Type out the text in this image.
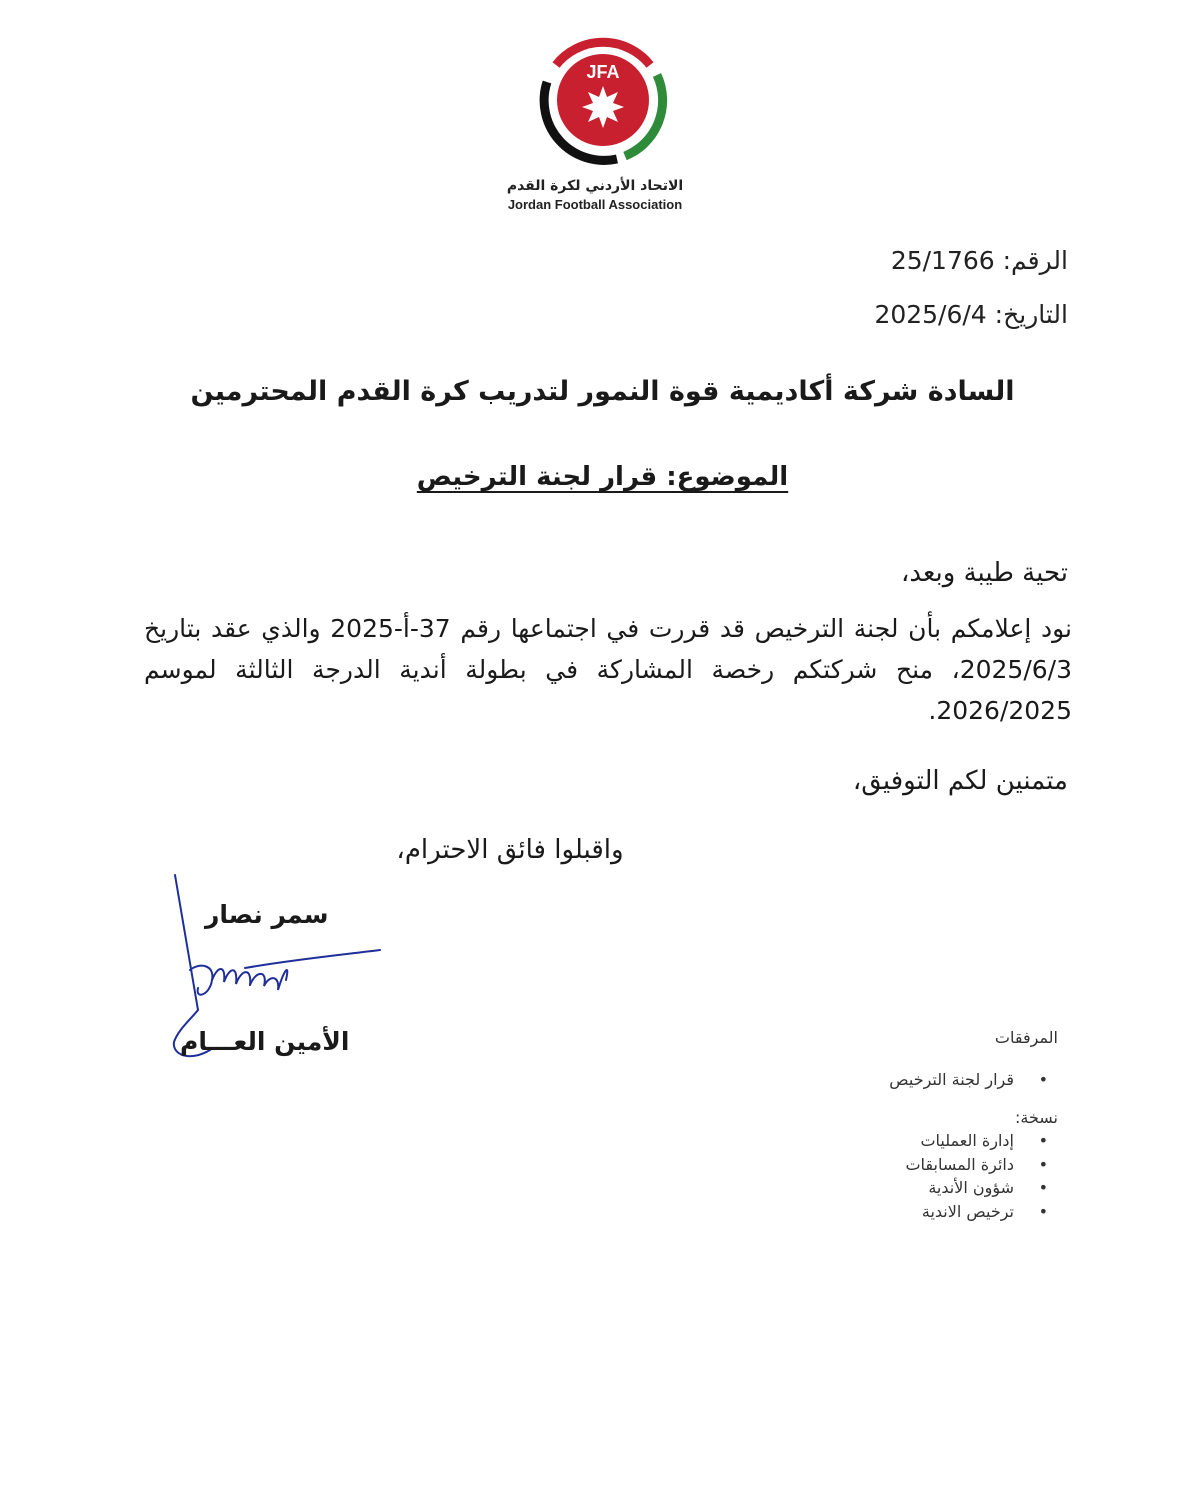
JFA
الاتحاد الأردني لكرة القدم
Jordan Football Association
الرقم: 25/1766
التاريخ: 2025/6/4
السادة شركة أكاديمية قوة النمور لتدريب كرة القدم المحترمين
الموضوع: قرار لجنة الترخيص
تحية طيبة وبعد،
نود إعلامكم بأن لجنة الترخيص قد قررت في اجتماعها رقم 37-أ-2025 والذي عقد بتاريخ 2025/6/3، منح شركتكم رخصة المشاركة في بطولة أندية الدرجة الثالثة لموسم 2026/2025.
متمنين لكم التوفيق،
واقبلوا فائق الاحترام،
سمر نصار
الأمين العـــام	المرفقات
•
قرار لجنة الترخيص
نسخة:
•
إدارة العمليات
•
دائرة المسابقات
•
شؤون الأندية
•
ترخيص الاندية
